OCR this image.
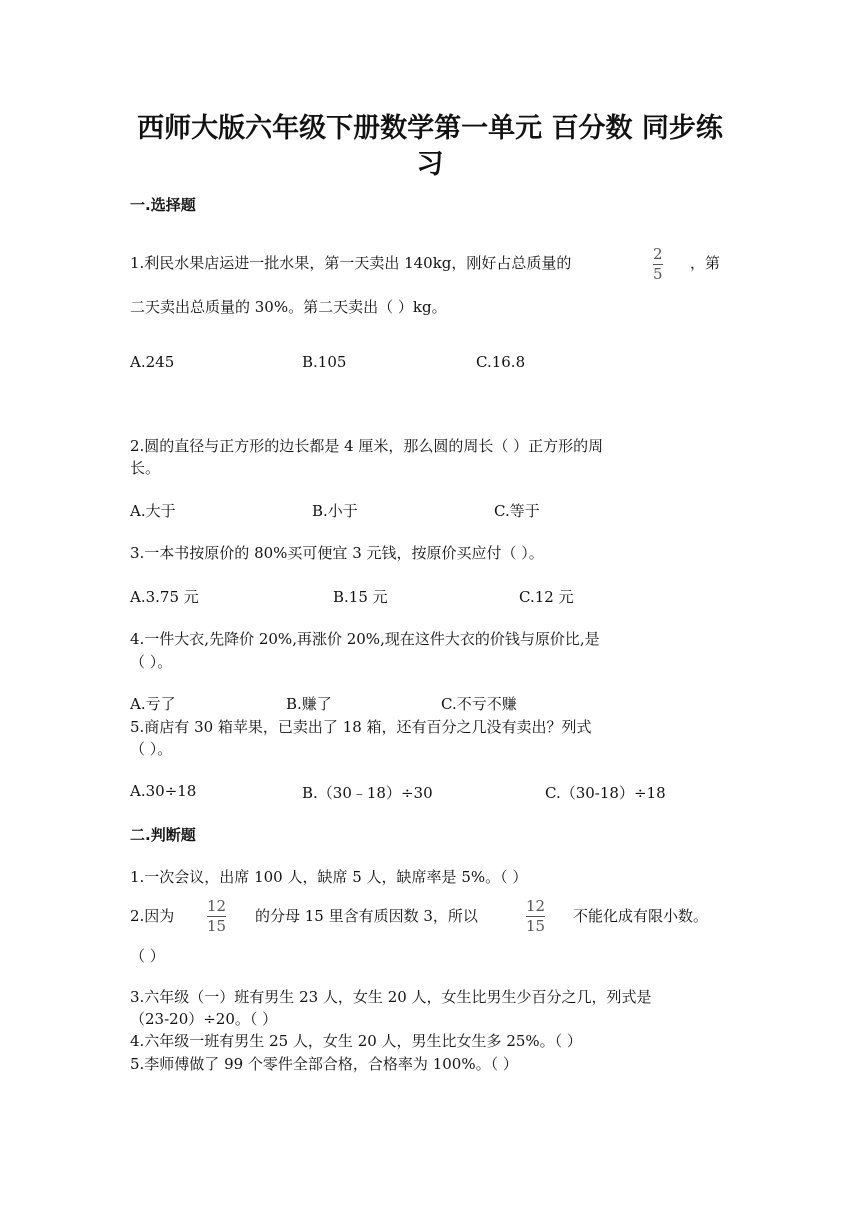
西师大版六年级下册数学第一单元 百分数 同步练
习
一.选择题
1.利民水果店运进一批水果，第一天卖出 140kg，刚好占总质量的	$\frac{2}{5}$ ，第
二天卖出总质量的 30%。第二天卖出（ ）kg。
A.245	B.105	C.16.8
2.圆的直径与正方形的边长都是 4 厘米，那么圆的周长（ ）正方形的周
长。
A.大于	B.小于	C.等于
3.一本书按原价的 80%买可便宜 3 元钱，按原价买应付（ ）。
A.3.75 元	B.15 元	C.12 元
4.一件大衣,先降价 20%,再涨价 20%,现在这件大衣的价钱与原价比,是
（ ）。
A.亏了	B.赚了	C.不亏不赚
5.商店有 30 箱苹果，已卖出了 18 箱，还有百分之几没有卖出？列式
（ ）。
A.30÷18	B.（30﹣18）÷30	C.（30-18）÷18
二.判断题
1.一次会议，出席 100 人，缺席 5 人，缺席率是 5%。（ ）
2.因为 $\frac{12}{15}$ 的分母 15 里含有质因数 3，所以	$\frac{12}{15}$ 不能化成有限小数。
（ ）
3.六年级（一）班有男生 23 人，女生 20 人，女生比男生少百分之几，列式是
（23-20）÷20。（ ）
4.六年级一班有男生 25 人，女生 20 人，男生比女生多 25%。（ ）
5.李师傅做了 99 个零件全部合格，合格率为 100%。（ ）
